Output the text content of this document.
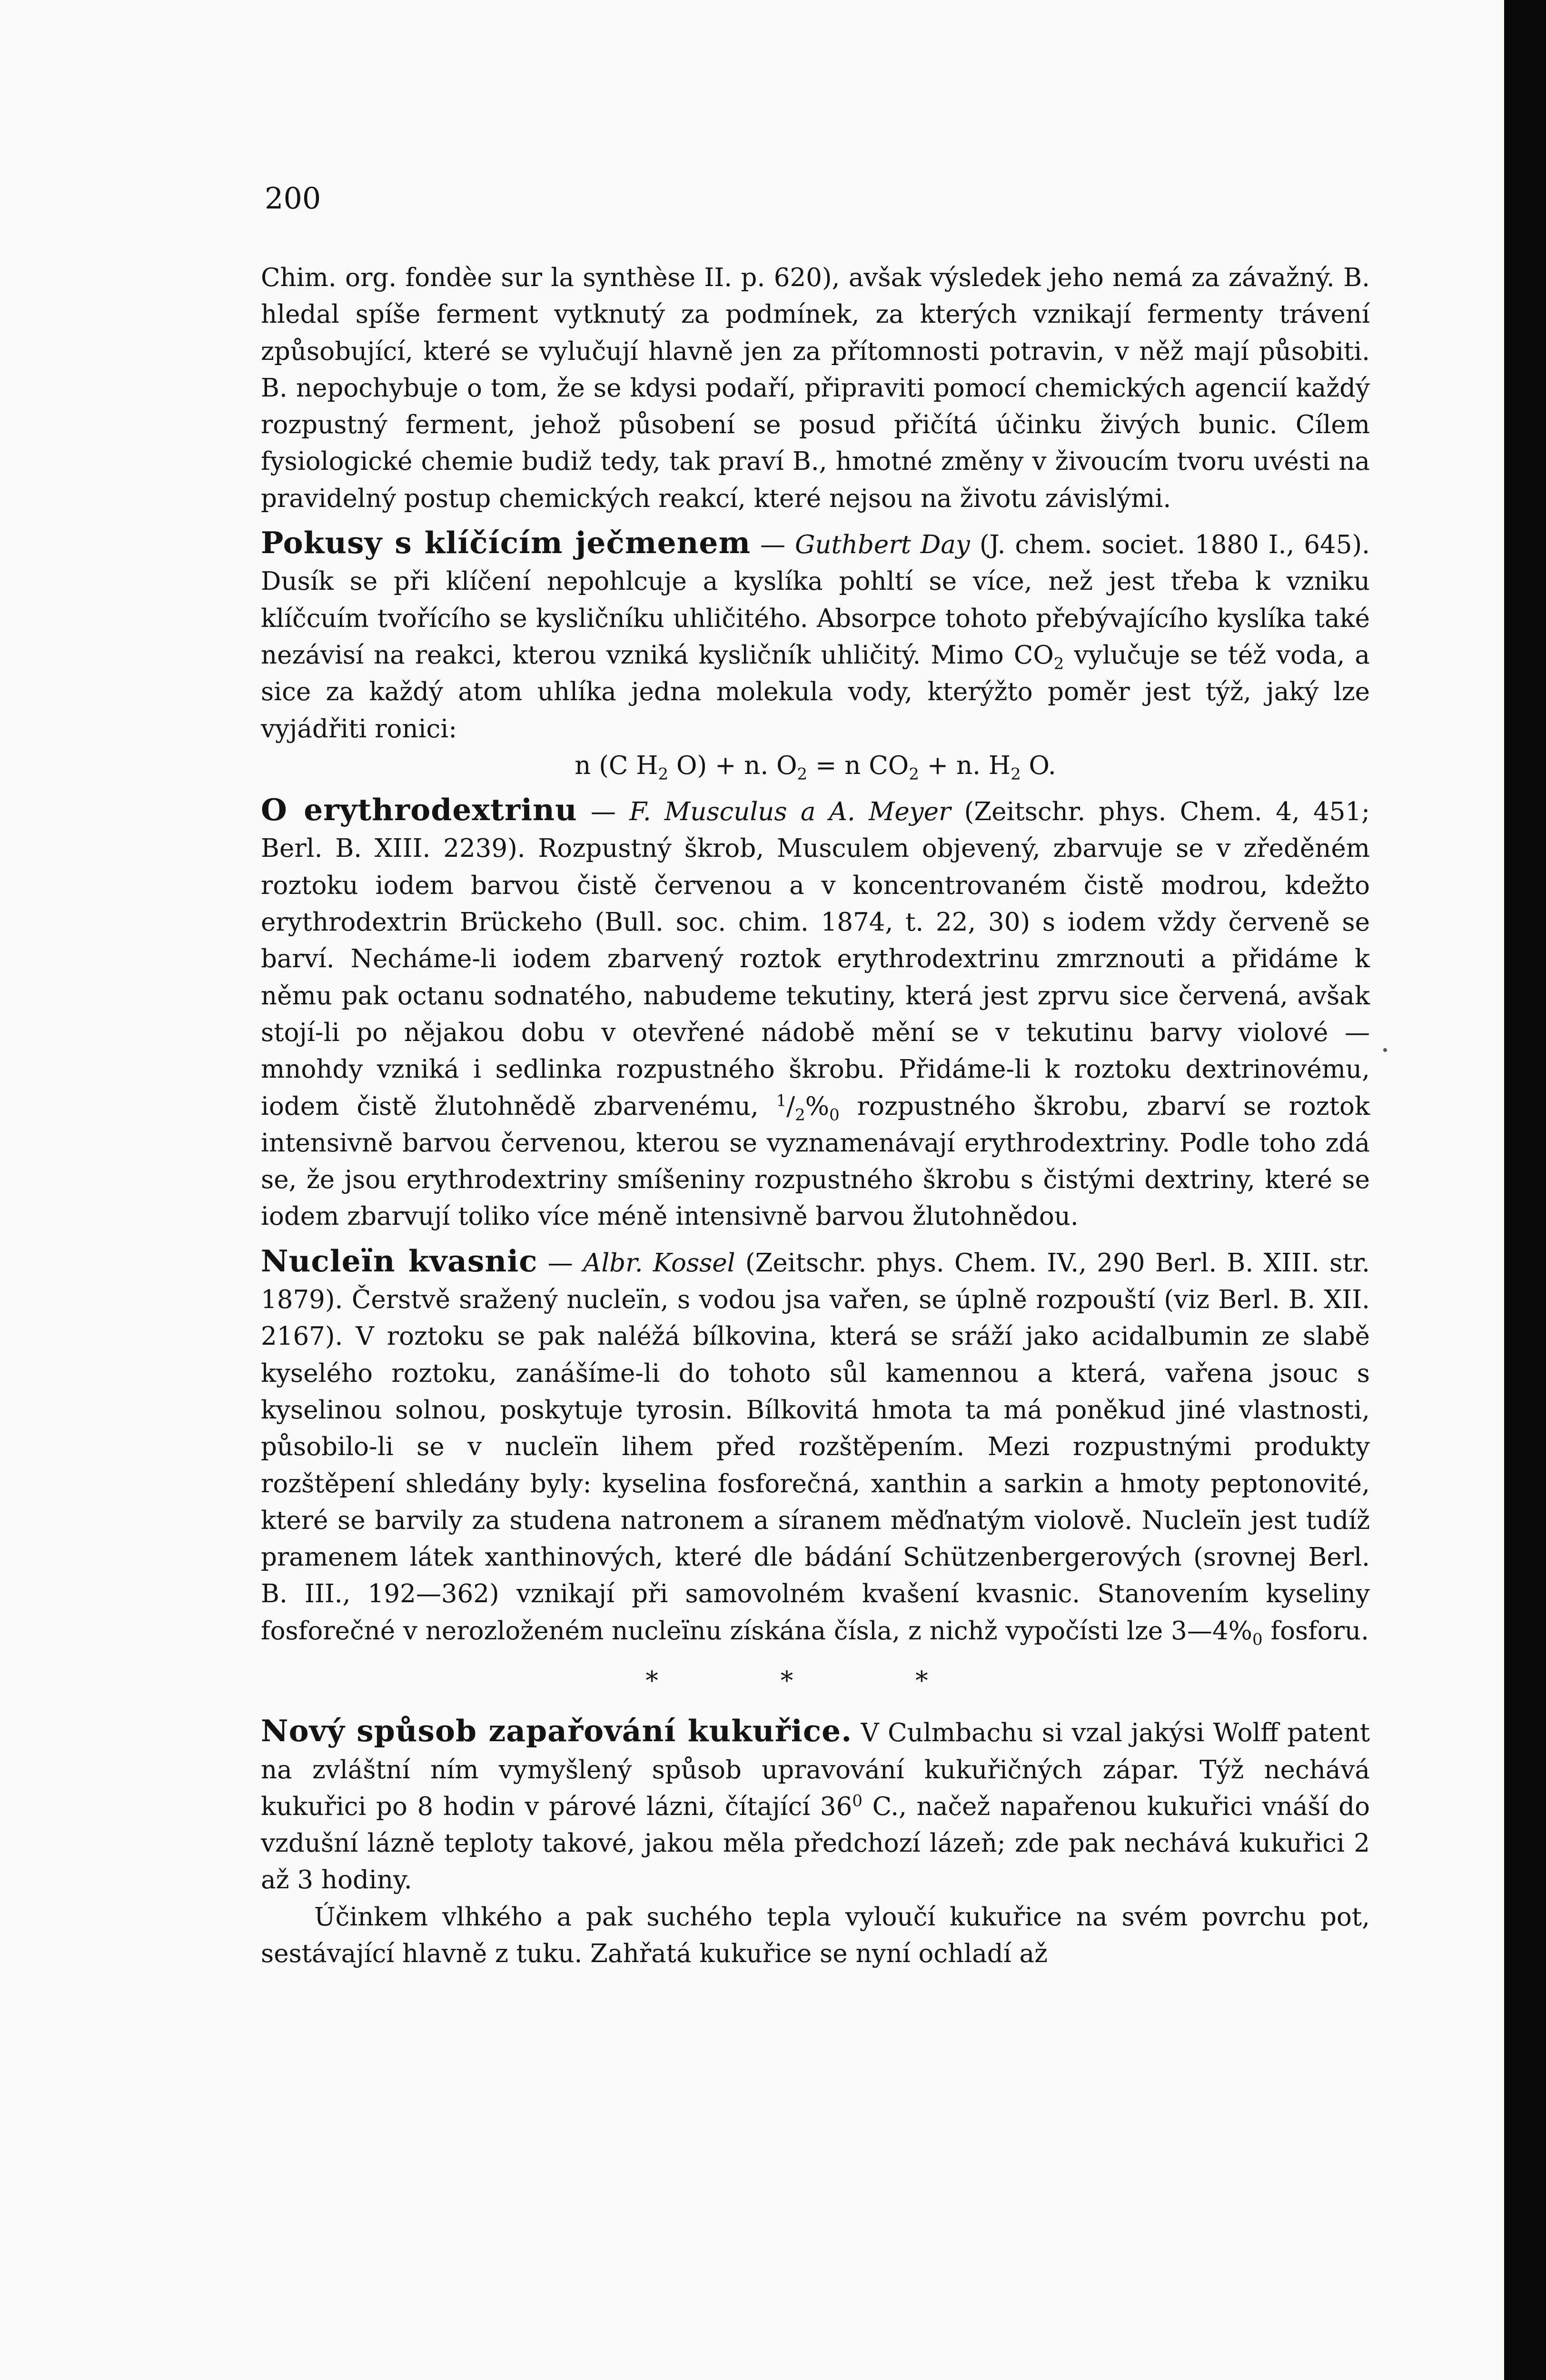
200

Chim. org. fondèe sur la synthèse II. p. 620), avšak výsledek jeho nemá za závažný. B. hledal spíše ferment vytknutý za podmínek, za kterých vznikají fermenty trávení způsobující, které se vylučují hlavně jen za přítomnosti potravin, v něž mají působiti. B. nepochybuje o tom, že se kdysi podaří, připraviti pomocí chemických agencií každý rozpustný ferment, jehož působení se posud přičítá účinku živých bunic. Cílem fysiologické chemie budiž tedy, tak praví B., hmotné změny v živoucím tvoru uvésti na pravidelný postup chemických reakcí, které nejsou na životu závislými.

Pokusy s klíčícím ječmenem — Guthbert Day (J. chem. societ. 1880 I., 645). Dusík se při klíčení nepohlcuje a kyslíka pohltí se více, než jest třeba k vzniku klíčcuím tvořícího se kysličníku uhličitého. Absorpce tohoto přebývajícího kyslíka také nezávisí na reakci, kterou vzniká kysličník uhličitý. Mimo $CO_2$ vylučuje se též voda, a sice za každý atom uhlíka jedna molekula vody, kterýžto poměr jest týž, jaký lze vyjádřiti ronici:

n (C $H_2$ O) + n. $O_2 = n$ $CO_2 + n$. $H_2$ O.

O erythrodextrinu — F. Musculus a A. Meyer (Zeitschr. phys. Chem. 4, 451; Berl. B. XIII. 2239). Rozpustný škrob, Musculem objevený, zbarvuje se v zředěném roztoku iodem barvou čistě červenou a v koncentrovaném čistě modrou, kdežto erythrodextrin Brückeho (Bull. soc. chim. 1874, t. 22, 30) s iodem vždy červeně se barví. Necháme-li iodem zbarvený roztok erythrodextrinu zmrznouti a přidáme k němu pak octanu sodnatého, nabudeme tekutiny, která jest zprvu sice červená, avšak stojí-li po nějakou dobu v otevřené nádobě mění se v tekutinu barvy violové — mnohdy vzniká i sedlinka rozpustného škrobu. Přidáme-li k roztoku dextrinovému, iodem čistě žlutohnědě zbarvenému, $^1/_2\%_0$ rozpustného škrobu, zbarví se roztok intensivně barvou červenou, kterou se vyznamenávají erythrodextriny. Podle toho zdá se, že jsou erythrodextriny smíšeniny rozpustného škrobu s čistými dextriny, které se iodem zbarvují toliko více méně intensivně barvou žlutohnědou.

Nucleïn kvasnic — Albr. Kossel (Zeitschr. phys. Chem. IV., 290 Berl. B. XIII. str. 1879). Čerstvě sražený nucleïn, s vodou jsa vařen, se úplně rozpouští (viz Berl. B. XII. 2167). V roztoku se pak naléžá bílkovina, která se sráží jako acidalbumin ze slabě kyselého roztoku, zanášíme-li do tohoto sůl kamennou a která, vařena jsouc s kyselinou solnou, poskytuje tyrosin. Bílkovitá hmota ta má poněkud jiné vlastnosti, působilo-li se v nucleïn lihem před rozštěpením. Mezi rozpustnými produkty rozštěpení shledány byly: kyselina fosforečná, xanthin a sarkin a hmoty peptonovité, které se barvily za studena natronem a síranem měďnatým violově. Nucleïn jest tudíž pramenem látek xanthinových, které dle bádání Schützenbergerových (srovnej Berl. B. III., 192—362) vznikají při samovolném kvašení kvasnic. Stanovením kyseliny fosforečné v nerozloženém nucleïnu získána čísla, z nichž vypočísti lze $3—4\%_0$ fosforu.

* * *

Nový spůsob zapařování kukuřice. V Culmbachu si vzal jakýsi Wolff patent na zvláštní ním vymyšlený spůsob upravování kukuřičných zápar. Týž nechává kukuřici po 8 hodin v párové lázni, čítající $36^0$ C., načež napařenou kukuřici vnáší do vzdušní lázně teploty takové, jakou měla předchozí lázeň; zde pak nechává kukuřici 2 až 3 hodiny.

Účinkem vlhkého a pak suchého tepla vyloučí kukuřice na svém povrchu pot, sestávající hlavně z tuku. Zahřatá kukuřice se nyní ochladí až
